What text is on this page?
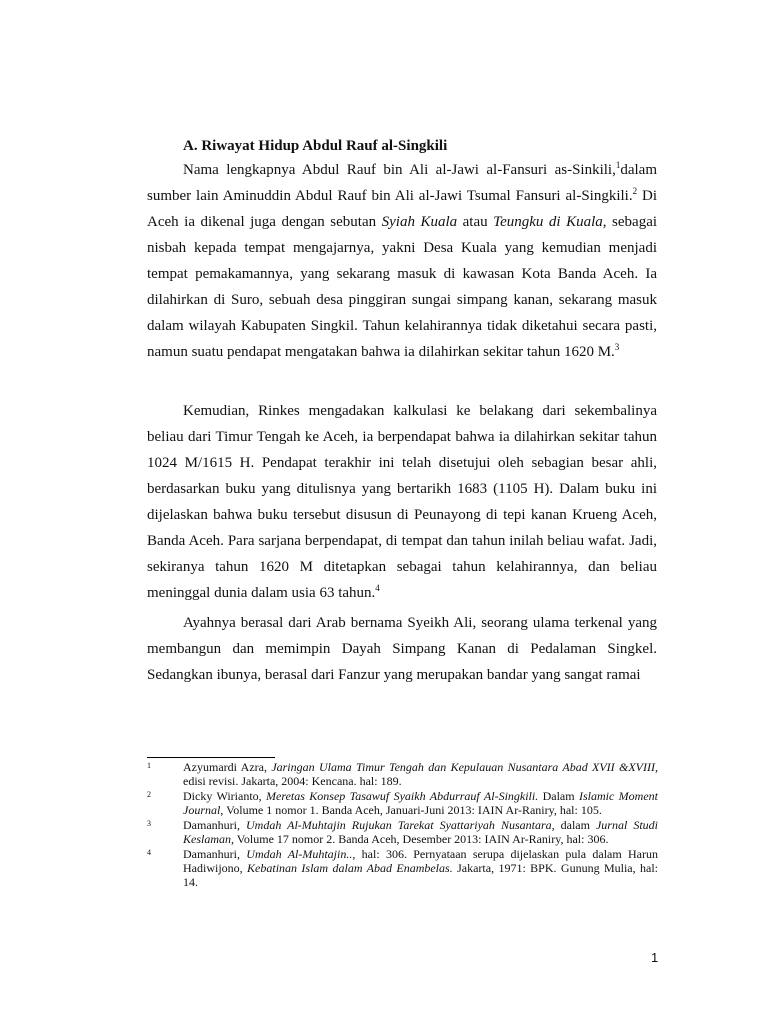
A. Riwayat Hidup Abdul Rauf al-Singkili

Nama lengkapnya Abdul Rauf bin Ali al-Jawi al-Fansuri as-Sinkili,$^1$dalam sumber lain Aminuddin Abdul Rauf bin Ali al-Jawi Tsumal Fansuri al-Singkili.$^2$ Di Aceh ia dikenal juga dengan sebutan Syiah Kuala atau Teungku di Kuala, sebagai nisbah kepada tempat mengajarnya, yakni Desa Kuala yang kemudian menjadi tempat pemakamannya, yang sekarang masuk di kawasan Kota Banda Aceh. Ia dilahirkan di Suro, sebuah desa pinggiran sungai simpang kanan, sekarang masuk dalam wilayah Kabupaten Singkil. Tahun kelahirannya tidak diketahui secara pasti, namun suatu pendapat mengatakan bahwa ia dilahirkan sekitar tahun 1620 M.$^3$

Kemudian, Rinkes mengadakan kalkulasi ke belakang dari sekembalinya beliau dari Timur Tengah ke Aceh, ia berpendapat bahwa ia dilahirkan sekitar tahun 1024 M/1615 H. Pendapat terakhir ini telah disetujui oleh sebagian besar ahli, berdasarkan buku yang ditulisnya yang bertarikh 1683 (1105 H). Dalam buku ini dijelaskan bahwa buku tersebut disusun di Peunayong di tepi kanan Krueng Aceh, Banda Aceh. Para sarjana berpendapat, di tempat dan tahun inilah beliau wafat. Jadi, sekiranya tahun 1620 M ditetapkan sebagai tahun kelahirannya, dan beliau meninggal dunia dalam usia 63 tahun.$^4$

Ayahnya berasal dari Arab bernama Syeikh Ali, seorang ulama terkenal yang membangun dan memimpin Dayah Simpang Kanan di Pedalaman Singkel. Sedangkan ibunya, berasal dari Fanzur yang merupakan bandar yang sangat ramai

1	Azyumardi Azra, Jaringan Ulama Timur Tengah dan Kepulauan Nusantara Abad XVII &XVIII, edisi revisi. Jakarta, 2004: Kencana. hal: 189.

2	Dicky Wirianto, Meretas Konsep Tasawuf Syaikh Abdurrauf Al-Singkili. Dalam Islamic Moment Journal, Volume 1 nomor 1. Banda Aceh, Januari-Juni 2013: IAIN Ar-Raniry, hal: 105.

3	Damanhuri, Umdah Al-Muhtajin Rujukan Tarekat Syattariyah Nusantara, dalam Jurnal Studi Keslaman, Volume 17 nomor 2. Banda Aceh, Desember 2013: IAIN Ar-Raniry, hal: 306.

4	Damanhuri, Umdah Al-Muhtajin.., hal: 306. Pernyataan serupa dijelaskan pula dalam Harun Hadiwijono, Kebatinan Islam dalam Abad Enambelas. Jakarta, 1971: BPK. Gunung Mulia, hal: 14.

1
